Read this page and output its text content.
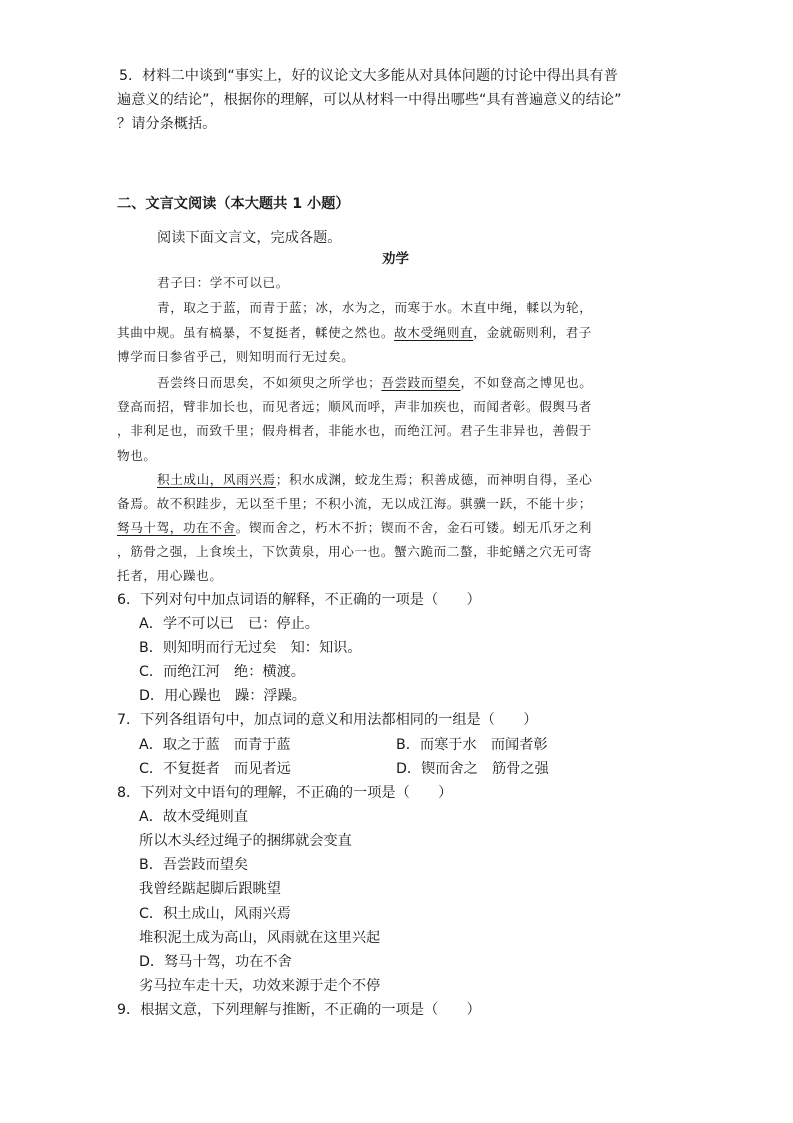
5．材料二中谈到“事实上，好的议论文大多能从对具体问题的讨论中得出具有普
遍意义的结论”，根据你的理解，可以从材料一中得出哪些“具有普遍意义的结论”
？请分条概括。
二、文言文阅读（本大题共 1 小题）
阅读下面文言文，完成各题。
劝学
君子曰：学不可以已。
青，取之于蓝，而青于蓝；冰，水为之，而寒于水。木直中绳，輮以为轮，
其曲中规。虽有槁暴，不复挺者，輮使之然也。故木受绳则直，金就砺则利，君子
博学而日参省乎己，则知明而行无过矣。
吾尝终日而思矣，不如须臾之所学也；吾尝跂而望矣，不如登高之博见也。
登高而招，臂非加长也，而见者远；顺风而呼，声非加疾也，而闻者彰。假舆马者
，非利足也，而致千里；假舟楫者，非能水也，而绝江河。君子生非异也，善假于
物也。
积土成山，风雨兴焉；积水成渊，蛟龙生焉；积善成德，而神明自得，圣心
备焉。故不积跬步，无以至千里；不积小流，无以成江海。骐骥一跃，不能十步；
驽马十驾，功在不舍。锲而舍之，朽木不折；锲而不舍，金石可镂。蚓无爪牙之利
，筋骨之强，上食埃土，下饮黄泉，用心一也。蟹六跪而二螯，非蛇鳝之穴无可寄
托者，用心躁也。
6．下列对句中加点词语的解释，不正确的一项是（　　）
A．学不可以已　已：停止。
B．则知明而行无过矣　知：知识。
C．而绝江河　绝：横渡。
D．用心躁也　躁：浮躁。
7．下列各组语句中，加点词的意义和用法都相同的一组是（　　）
A．取之于蓝　而青于蓝	B．而寒于水　而闻者彰
C．不复挺者　而见者远	D．锲而舍之　筋骨之强
8．下列对文中语句的理解，不正确的一项是（　　）
A．故木受绳则直
所以木头经过绳子的捆绑就会变直
B．吾尝跂而望矣
我曾经踮起脚后跟眺望
C．积土成山，风雨兴焉
堆积泥土成为高山，风雨就在这里兴起
D．驽马十驾，功在不舍
劣马拉车走十天，功效来源于走个不停
9．根据文意，下列理解与推断，不正确的一项是（　　）
